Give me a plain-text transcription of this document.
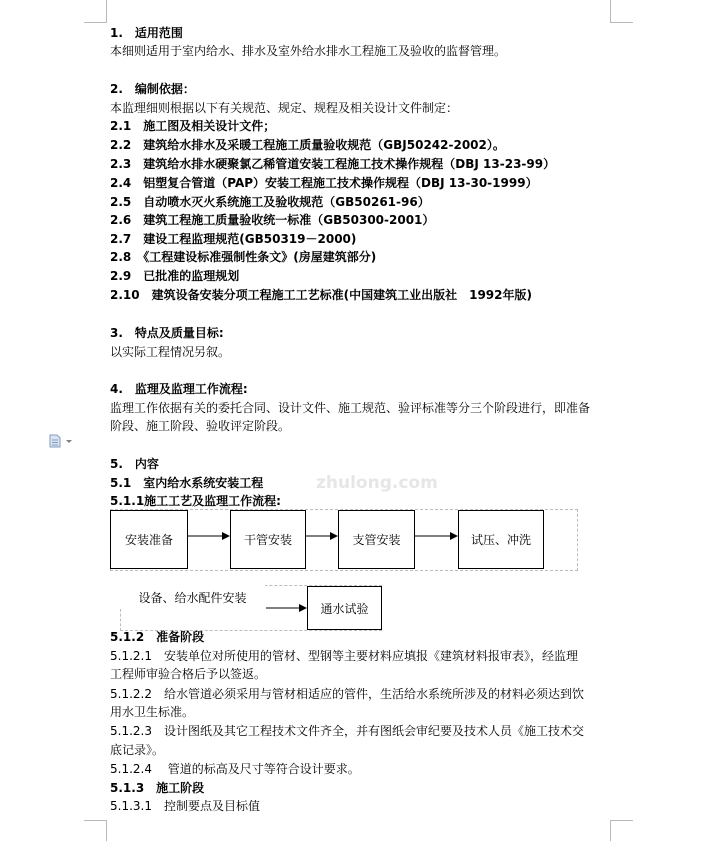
zhulong.com
1.　适用范围
本细则适用于室内给水、排水及室外给水排水工程施工及验收的监督管理。
2.　编制依据：
本监理细则根据以下有关规范、规定、规程及相关设计文件制定：
2.1　 施工图及相关设计文件；
2.2　 建筑给水排水及采暖工程施工质量验收规范（GBJ50242-2002）。
2.3　 建筑给水排水硬聚氯乙稀管道安装工程施工技术操作规程（DBJ 13-23-99）
2.4　 铝塑复合管道（PAP）安装工程施工技术操作规程（DBJ 13-30-1999）
2.5　 自动喷水灭火系统施工及验收规范（GB50261-96）
2.6　 建筑工程施工质量验收统一标准（GB50300-2001）
2.7　 建设工程监理规范(GB50319－2000)
2.8　 《工程建设标准强制性条文》(房屋建筑部分)
2.9　 已批准的监理规划
2.10　 建筑设备安装分项工程施工工艺标准(中国建筑工业出版社　1992年版)
3.　特点及质量目标:
以实际工程情况另叙。
4.　监理及监理工作流程:
监理工作依据有关的委托合同、设计文件、施工规范、验评标准等分三个阶段进行，即准备
阶段、施工阶段、验收评定阶段。
5.　内容
5.1　室内给水系统安装工程
5.1.1施工工艺及监理工作流程:
安装准备	干管安装	支管安装	试压、冲洗
设备、给水配件安装
通水试验
5.1.2　准备阶段
5.1.2.1　安装单位对所使用的管材、型钢等主要材料应填报《建筑材料报审表》，经监理
工程师审验合格后予以签返。
5.1.2.2　给水管道必须采用与管材相适应的管件，生活给水系统所涉及的材料必须达到饮
用水卫生标准。
5.1.2.3　设计图纸及其它工程技术文件齐全，并有图纸会审纪要及技术人员《施工技术交
底记录》。
5.1.2.4　 管道的标高及尺寸等符合设计要求。
5.1.3　施工阶段
5.1.3.1　控制要点及目标值
